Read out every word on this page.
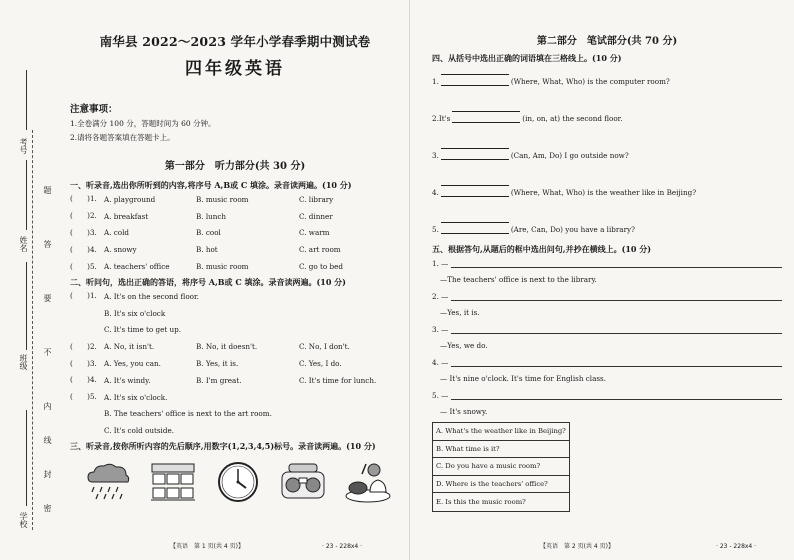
考号
姓名
班级
学校
题
答
要
不
内
线
封
密
南华县 2022～2023 学年小学春季期中测试卷
四年级英语
注意事项：
1.全卷满分 100 分，答题时间为 60 分钟。
2.请将各题答案填在答题卡上。
第一部分　听力部分(共 30 分)
一、听录音,选出你所听到的内容,将序号 A,B或 C 填涂。录音读两遍。(10 分)
(　　)1. A. playground	B. music room	C. library
(　　)2. A. breakfast	B. lunch	C. dinner
(　　)3. A. cold	B. cool	C. warm
(　　)4. A. snowy	B. hot	C. art room
(　　)5. A. teachers' office	B. music room	C. go to bed
二、听问句，选出正确的答语，将序号 A,B或 C 填涂。录音读两遍。(10 分)
(　　)1. A. It's on the second floor.
B. It's six o'clock
C. It's time to get up.
(　　)2. A. No, it isn't.	B. No, it doesn't.	C. No, I don't.
(　　)3. A. Yes, you can.	B. Yes, it is.	C. Yes, I do.
(　　)4. A. It's windy.	B. I'm great.	C. It's time for lunch.
(　　)5. A. It's six o'clock.
B. The teachers' office is next to the art room.
C. It's cold outside.
三、听录音,按你所听内容的先后顺序,用数字(1,2,3,4,5)标号。录音读两遍。(10 分)
【英语　第 1 页(共 4 页)】	· 23 - 228x4 ·
第二部分　笔试部分(共 70 分)
四、从括号中选出正确的词语填在三格线上。(10 分)
1.	(Where, What, Who) is the computer room?
2. It's	(in, on, at) the second floor.
3.	(Can, Am, Do) I go outside now?
4.	(Where, What, Who) is the weather like in Beijing?
5.	(Are, Can, Do) you have a library?
五、根据答句,从题后的框中选出问句,并抄在横线上。(10 分)
1. —
—The teachers' office is next to the library.
2. —
—Yes, it is.
3. —
—Yes, we do.
4. —
— It's nine o'clock. It's time for English class.
5. —
— It's snowy.
A. What's the weather like in Beijing?
B. What time is it?
C. Do you have a music room?
D. Where is the teachers' office?
E. Is this the music room?
【英语　第 2 页(共 4 页)】	· 23 - 228x4 ·
